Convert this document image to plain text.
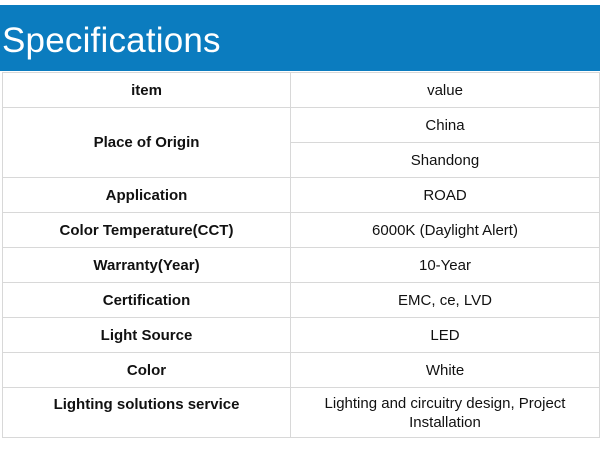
Specifications
item	value
Place of Origin	China
	Shandong
Application	ROAD
Color Temperature(CCT)	6000K (Daylight Alert)
Warranty(Year)	10-Year
Certification	EMC, ce, LVD
Light Source	LED
Color	White
Lighting solutions service	Lighting and circuitry design, Project Installation
